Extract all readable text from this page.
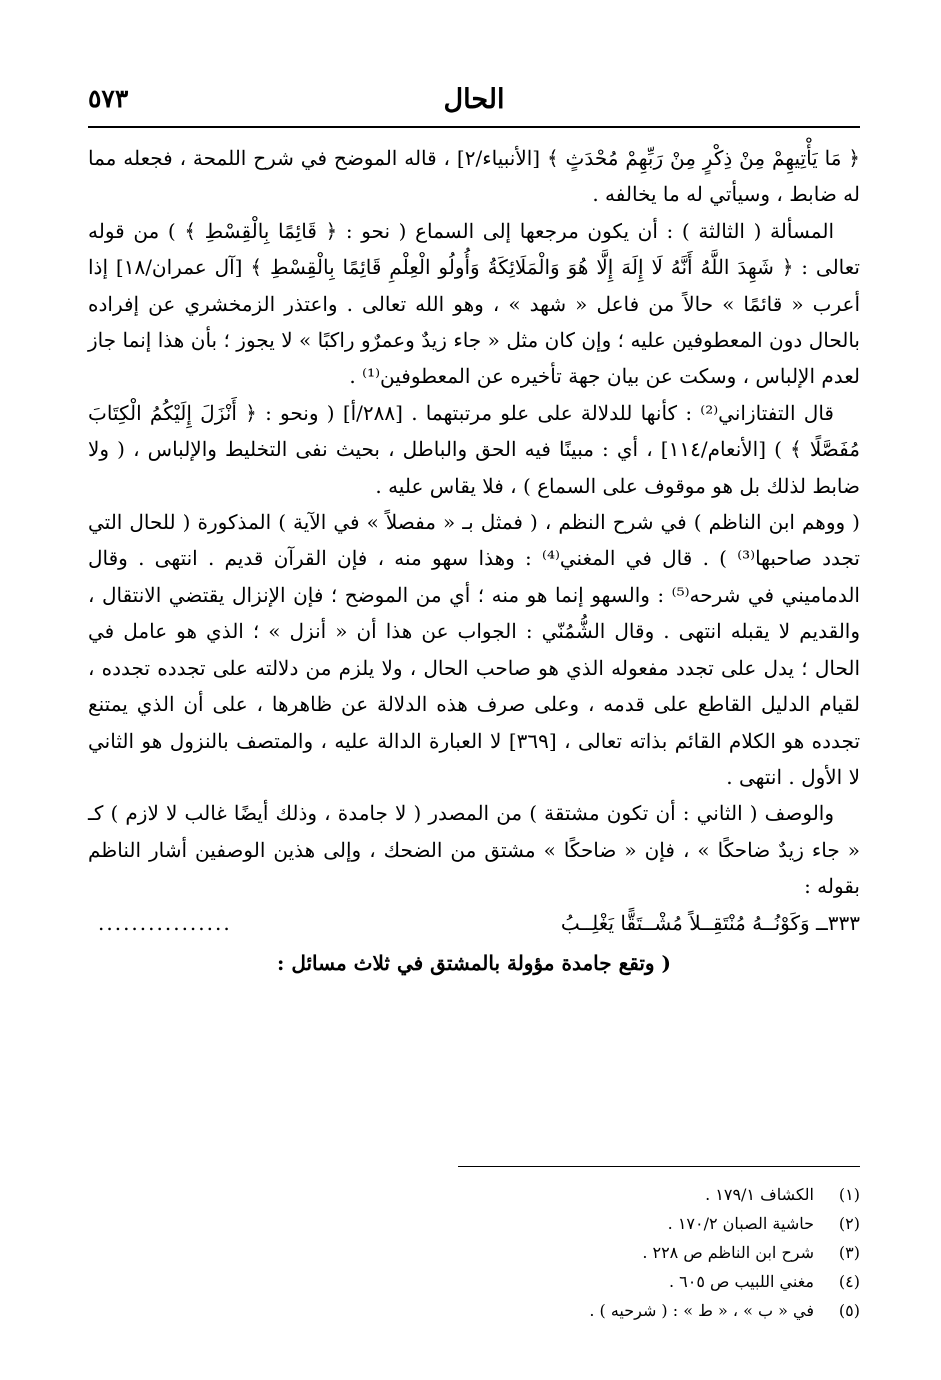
الحال
٥٧٣

﴿ مَا يَأْتِيهِمْ مِنْ ذِكْرٍ مِنْ رَبِّهِمْ مُحْدَثٍ ﴾ [الأنبياء/٢] ، قاله الموضح في شرح اللمحة ، فجعله مما له ضابط ، وسيأتي له ما يخالفه .

المسألة ( الثالثة ) : أن يكون مرجعها إلى السماع ( نحو : ﴿ قَائِمًا بِالْقِسْطِ ﴾ ) من قوله تعالى : ﴿ شَهِدَ اللَّهُ أَنَّهُ لَا إِلَهَ إِلَّا هُوَ وَالْمَلَائِكَةُ وَأُولُو الْعِلْمِ قَائِمًا بِالْقِسْطِ ﴾ [آل عمران/١٨] إذا أعرب « قائمًا » حالاً من فاعل « شهد » ، وهو الله تعالى . واعتذر الزمخشري عن إفراده بالحال دون المعطوفين عليه ؛ وإن كان مثل « جاء زيدٌ وعمرٌو راكبًا » لا يجوز ؛ بأن هذا إنما جاز لعدم الإلباس ، وسكت عن بيان جهة تأخيره عن المعطوفين⁽¹⁾ .

قال التفتازاني⁽²⁾ : كأنها للدلالة على علو مرتبتهما . [٢٨٨/أ] ( ونحو : ﴿ أَنْزَلَ إِلَيْكُمُ الْكِتَابَ مُفَصَّلًا ﴾ ) [الأنعام/١١٤] ، أي : مبينًا فيه الحق والباطل ، بحيث نفى التخليط والإلباس ، ( ولا ضابط لذلك بل هو موقوف على السماع ) ، فلا يقاس عليه .

( ووهم ابن الناظم ) في شرح النظم ، ( فمثل بـ « مفصلاً » في الآية ) المذكورة ( للحال التي تجدد صاحبها⁽³⁾ ) . قال في المغني⁽⁴⁾ : وهذا سهو منه ، فإن القرآن قديم . انتهى . وقال الدماميني في شرحه⁽⁵⁾ : والسهو إنما هو منه ؛ أي من الموضح ؛ فإن الإنزال يقتضي الانتقال ، والقديم لا يقبله انتهى . وقال الشُّمُنّي : الجواب عن هذا أن « أنزل » ؛ الذي هو عامل في الحال ؛ يدل على تجدد مفعوله الذي هو صاحب الحال ، ولا يلزم من دلالته على تجدده تجدده ، لقيام الدليل القاطع على قدمه ، وعلى صرف هذه الدلالة عن ظاهرها ، على أن الذي يمتنع تجدده هو الكلام القائم بذاته تعالى ، [٣٦٩] لا العبارة الدالة عليه ، والمتصف بالنزول هو الثاني لا الأول . انتهى .

والوصف ( الثاني : أن تكون مشتقة ) من المصدر ( لا جامدة ، وذلك أيضًا غالب لا لازم ) كـ « جاء زيدٌ ضاحكًا » ، فإن « ضاحكًا » مشتق من الضحك ، وإلى هذين الوصفين أشار الناظم بقوله :

٣٣٣ــ وَكَوْنُــهُ مُنْتَقِــلاً مُشْــتَقًّا يَغْلِــبُ
................
( وتقع جامدة مؤولة بالمشتق في ثلاث مسائل :
(١)
الكشاف ١٧٩/١ .
(٢)
حاشية الصبان ١٧٠/٢ .
(٣)
شرح ابن الناظم ص ٢٢٨ .
(٤)
مغني اللبيب ص ٦٠٥ .
(٥)
في « ب » ، « ط » : ( شرحيه ) .
